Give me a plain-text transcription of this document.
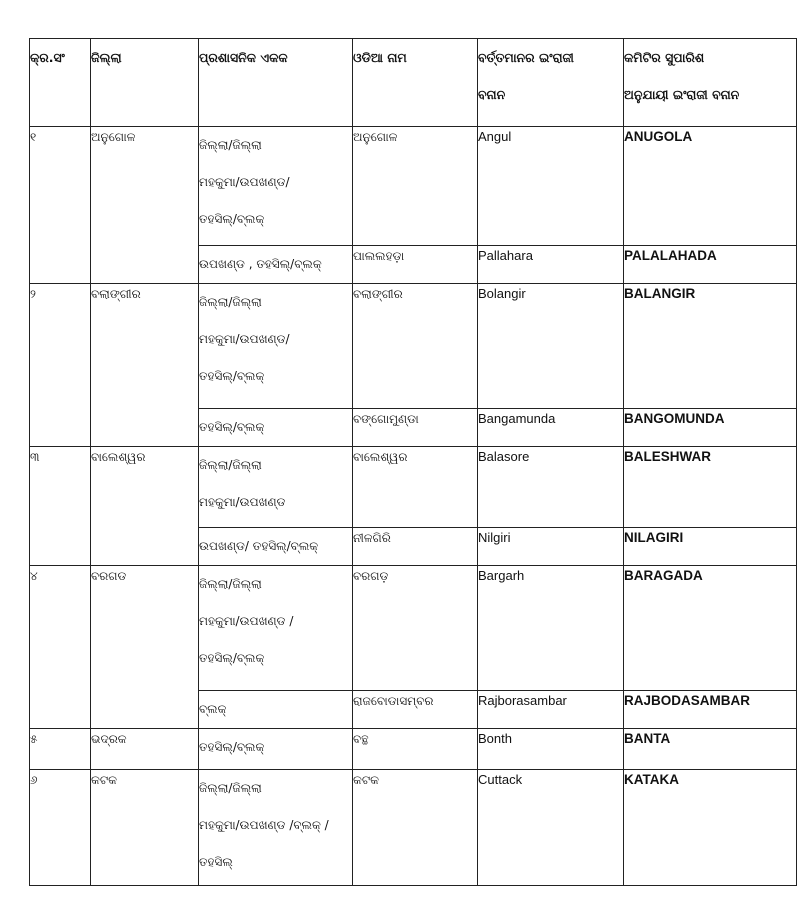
କ୍ର.ସଂ	ଜିଲ୍ଲା	ପ୍ରଶାସନିକ ଏକକ	ଓଡିଆ ନାମ	ବର୍ତ୍ତମାନର ଇଂରାଜୀ
ବନାନ	କମିଟିର ସୁପାରିଶ
ଅନୁଯାୟୀ ଇଂରାଜୀ ବନାନ

୧	ଅନୁଗୋଳ	ଜିଲ୍ଲା/ଜିଲ୍ଲା
ମହକୁମା/ଉପଖଣ୍ଡ/
ତହସିଲ୍/ବ୍ଲକ୍	ଅନୁଗୋଳ	Angul	ANUGOLA

		ଉପଖଣ୍ଡ , ତହସିଲ୍/ବ୍ଲକ୍	ପାଲଲହଡ଼ା	Pallahara	PALALAHADA
୨	ବଲାଙ୍ଗୀର	ଜିଲ୍ଲା/ଜିଲ୍ଲା
ମହକୁମା/ଉପଖଣ୍ଡ/
ତହସିଲ୍/ବ୍ଲକ୍	ବଲାଙ୍ଗୀର	Bolangir	BALANGIR

		ତହସିଲ୍/ବ୍ଲକ୍	ବଙ୍ଗୋମୁଣ୍ଡା	Bangamunda	BANGOMUNDA
୩	ବାଲେଶ୍ୱର	ଜିଲ୍ଲା/ଜିଲ୍ଲା
ମହକୁମା/ଉପଖଣ୍ଡ	ବାଲେଶ୍ୱର	Balasore	BALESHWAR

		ଉପଖଣ୍ଡ/ ତହସିଲ୍/ବ୍ଲକ୍	ନୀଳଗିରି	Nilgiri	NILAGIRI
୪	ବରଗଡ	ଜିଲ୍ଲା/ଜିଲ୍ଲା
ମହକୁମା/ଉପଖଣ୍ଡ /
ତହସିଲ୍/ବ୍ଲକ୍	ବରଗଡ଼	Bargarh	BARAGADA

		ବ୍ଲକ୍	ରାଜବୋଡାସମ୍ବର	Rajborasambar	RAJBODASAMBAR
୫	ଭଦ୍ରକ	ତହସିଲ୍/ବ୍ଲକ୍	ବନ୍ଥ	Bonth	BANTA
୬	କଟକ	ଜିଲ୍ଲା/ଜିଲ୍ଲା
ମହକୁମା/ଉପଖଣ୍ଡ /ବ୍ଲକ୍ /
ତହସିଲ୍	କଟକ	Cuttack	KATAKA
